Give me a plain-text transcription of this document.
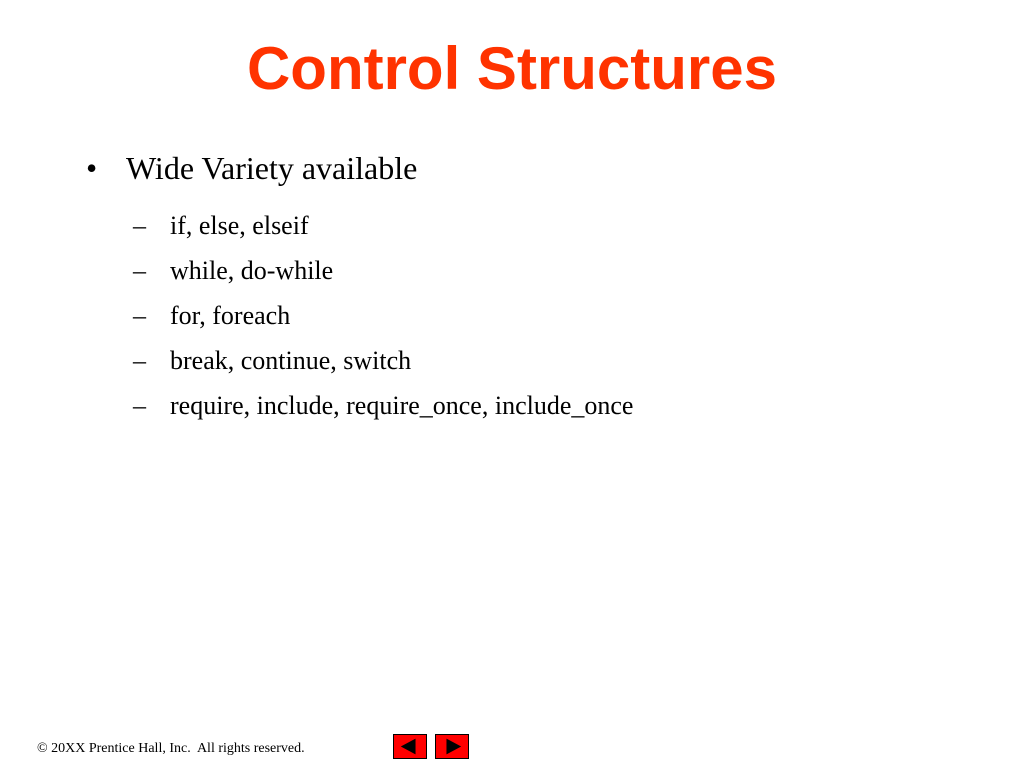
Control Structures
• Wide Variety available
– if, else, elseif
– while, do-while
– for, foreach
– break, continue, switch
– require, include, require_once, include_once
© 20XX Prentice Hall, Inc.  All rights reserved.
